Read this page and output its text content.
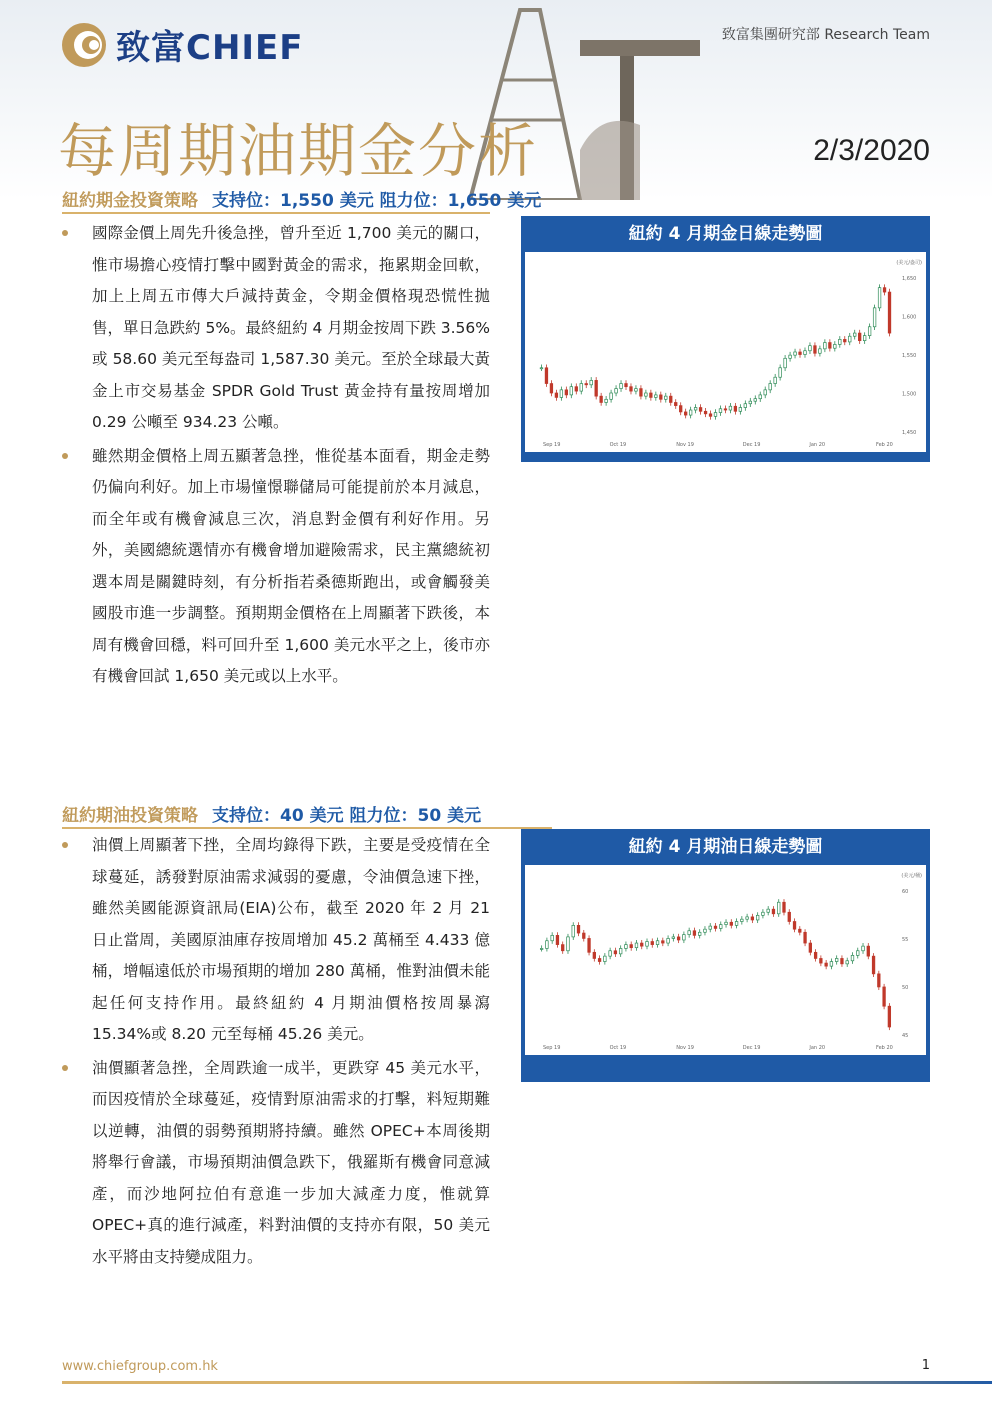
致富CHIEF	致富集團研究部 Research Team
每周期油期金分析	2/3/2020
紐約期金投資策略 支持位：1,550 美元 阻力位：1,650 美元
國際金價上周先升後急挫，曾升至近 1,700 美元的關口，惟市場擔心疫情打擊中國對黃金的需求，拖累期金回軟，加上上周五市傳大戶減持黃金，令期金價格現恐慌性拋售，單日急跌約 5%。最終紐約 4 月期金按周下跌 3.56%或 58.60 美元至每盎司 1,587.30 美元。至於全球最大黃金上市交易基金 SPDR Gold Trust 黃金持有量按周增加 0.29 公噸至 934.23 公噸。
雖然期金價格上周五顯著急挫，惟從基本面看，期金走勢仍偏向利好。加上市場憧憬聯儲局可能提前於本月減息，而全年或有機會減息三次，消息對金價有利好作用。另外，美國總統選情亦有機會增加避險需求，民主黨總統初選本周是關鍵時刻，有分析指若桑德斯跑出，或會觸發美國股市進一步調整。預期期金價格在上周顯著下跌後，本周有機會回穩，料可回升至 1,600 美元水平之上，後市亦有機會回試 1,650 美元或以上水平。
紐約 4 月期金日線走勢圖
(美元/盎司)
1,650
1,600
1,550
1,500
1,450
Sep 19	Oct 19	Nov 19	Dec 19	Jan 20	Feb 20
紐約期油投資策略 支持位：40 美元 阻力位：50 美元
油價上周顯著下挫，全周均錄得下跌，主要是受疫情在全球蔓延，誘發對原油需求減弱的憂慮，令油價急速下挫，雖然美國能源資訊局(EIA)公布，截至 2020 年 2 月 21 日止當周，美國原油庫存按周增加 45.2 萬桶至 4.433 億桶，增幅遠低於市場預期的增加 280 萬桶，惟對油價未能起任何支持作用。最終紐約 4 月期油價格按周暴瀉 15.34%或 8.20 元至每桶 45.26 美元。
油價顯著急挫，全周跌逾一成半，更跌穿 45 美元水平，而因疫情於全球蔓延，疫情對原油需求的打擊，料短期難以逆轉，油價的弱勢預期將持續。雖然 OPEC+本周後期將舉行會議，市場預期油價急跌下，俄羅斯有機會同意減產，而沙地阿拉伯有意進一步加大減產力度，惟就算 OPEC+真的進行減產，料對油價的支持亦有限，50 美元水平將由支持變成阻力。
紐約 4 月期油日線走勢圖
(美元/桶)
60
55
50
45
Sep 19	Oct 19	Nov 19	Dec 19	Jan 20	Feb 20
www.chiefgroup.com.hk	1
